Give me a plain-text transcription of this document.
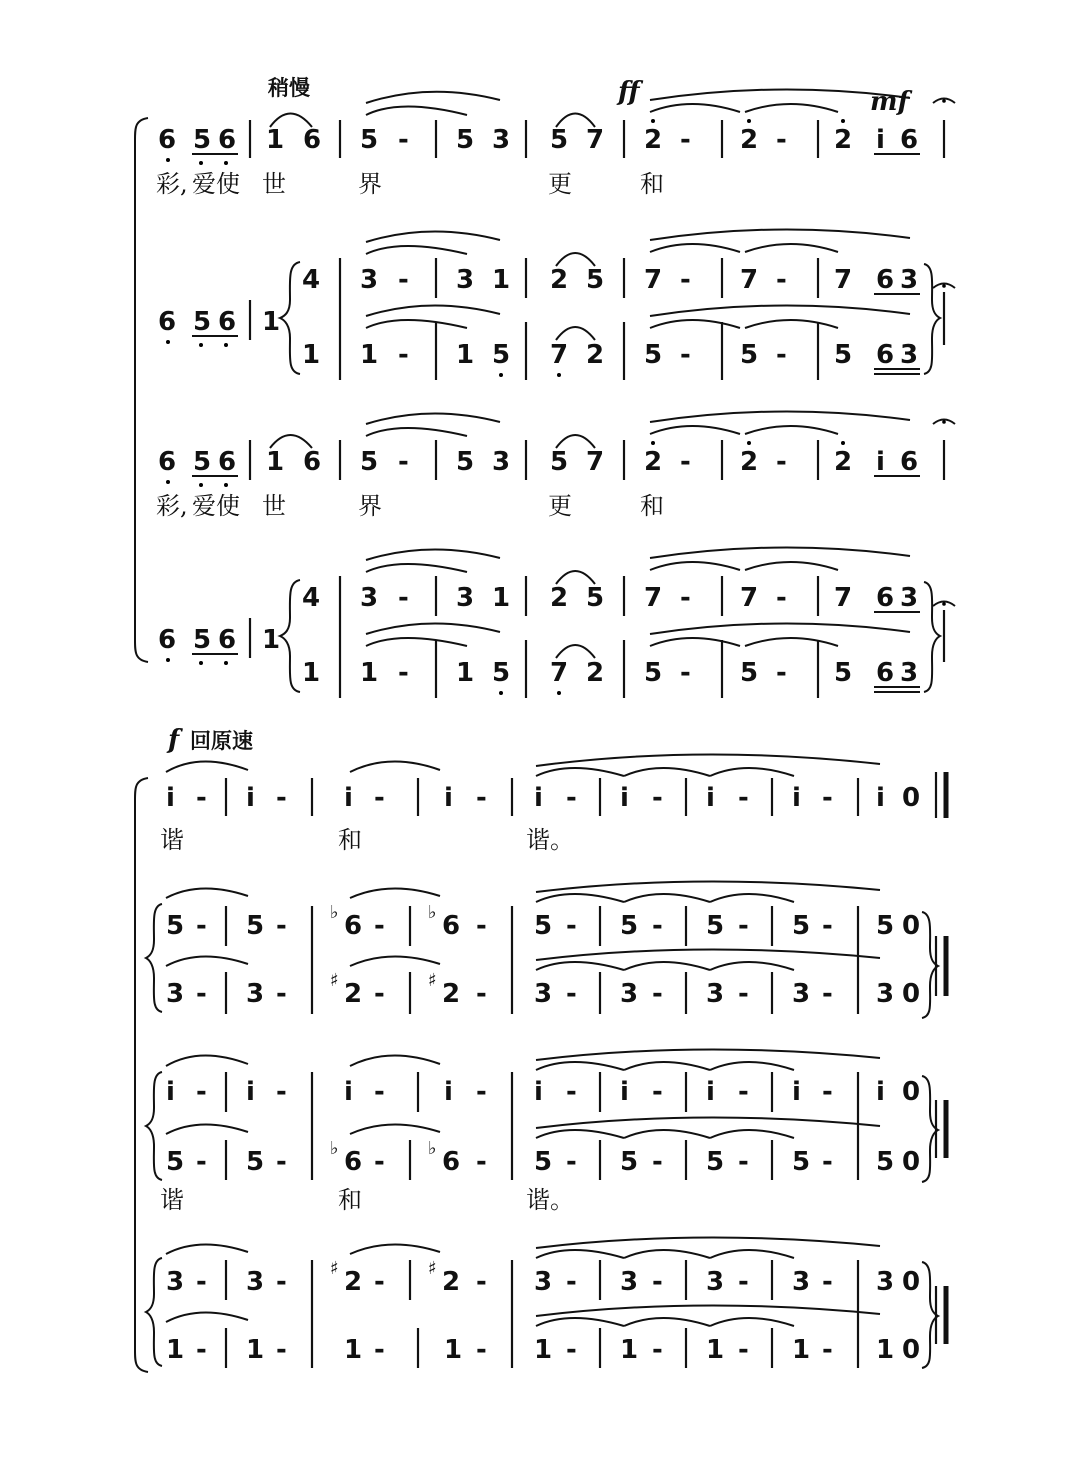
稍慢	ff	mf
6 5 6 1 6 5 - 5 3 5 7 2 - 2 - 2 i 6
彩 , 爱 使 世	界	更	和
6 5 6 1
4
1
3 - 3 1 2 5 7 - 7 - 7 6 3
1 - 1 5 7 2 5 - 5 - 5 6 3
6 5 6 1 6 5 - 5 3 5 7 2 - 2 - 2 i 6
彩 , 爱 使 世	界	更	和
6 5 6 1
4
1
3 - 3 1 2 5 7 - 7 - 7 6 3
1 - 1 5 7 2 5 - 5 - 5 6 3
f 回原速
i - i - i - i - i - i - i - i - i 0
谐	和	谐。
5 - 5 - ♭ 6 - ♭ 6 - 5 - 5 - 5 - 5 - 5 0
3 - 3 - ♯ 2 - ♯ 2 - 3 - 3 - 3 - 3 - 3 0
i - i - i - i - i - i - i - i - i 0
5 - 5 - ♭ 6 - ♭ 6 - 5 - 5 - 5 - 5 - 5 0
谐	和	谐。
3 - 3 - ♯ 2 - ♯ 2 - 3 - 3 - 3 - 3 - 3 0
1 - 1 - 1 - 1 - 1 - 1 - 1 - 1 - 1 0
